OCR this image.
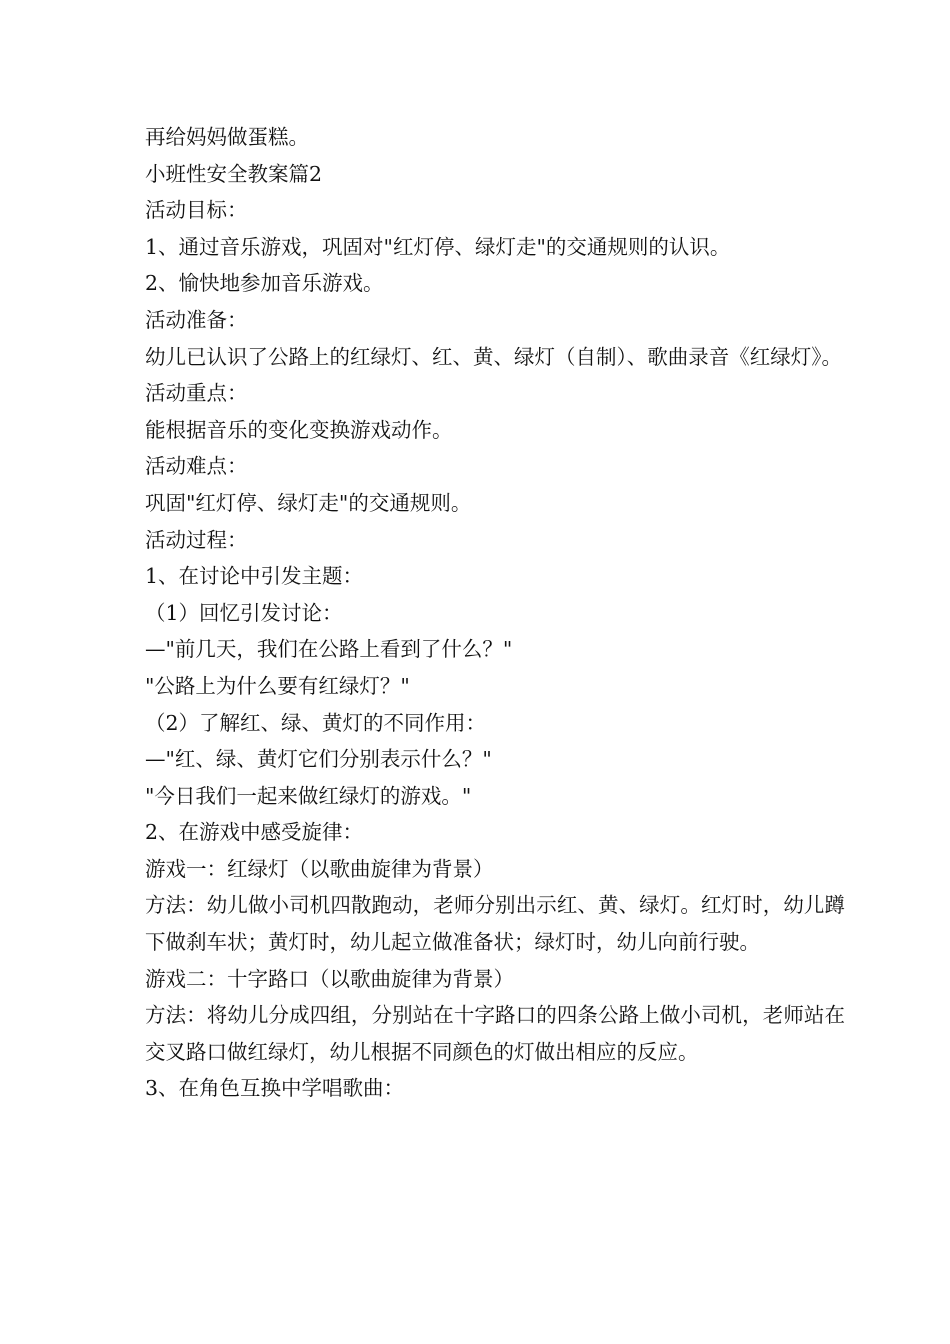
再给妈妈做蛋糕。
小班性安全教案篇2
活动目标：
1、通过音乐游戏，巩固对"红灯停、绿灯走"的交通规则的认识。
2、愉快地参加音乐游戏。
活动准备：
幼儿已认识了公路上的红绿灯、红、黄、绿灯（自制）、歌曲录音《红绿灯》。
活动重点：
能根据音乐的变化变换游戏动作。
活动难点：
巩固"红灯停、绿灯走"的交通规则。
活动过程：
1、在讨论中引发主题：
（1）回忆引发讨论：
—"前几天，我们在公路上看到了什么？"
"公路上为什么要有红绿灯？"
（2）了解红、绿、黄灯的不同作用：
—"红、绿、黄灯它们分别表示什么？"
"今日我们一起来做红绿灯的游戏。"
2、在游戏中感受旋律：
游戏一：红绿灯（以歌曲旋律为背景）
方法：幼儿做小司机四散跑动，老师分别出示红、黄、绿灯。红灯时，幼儿蹲下做刹车状；黄灯时，幼儿起立做准备状；绿灯时，幼儿向前行驶。
游戏二：十字路口（以歌曲旋律为背景）
方法：将幼儿分成四组，分别站在十字路口的四条公路上做小司机，老师站在交叉路口做红绿灯，幼儿根据不同颜色的灯做出相应的反应。
3、在角色互换中学唱歌曲：
